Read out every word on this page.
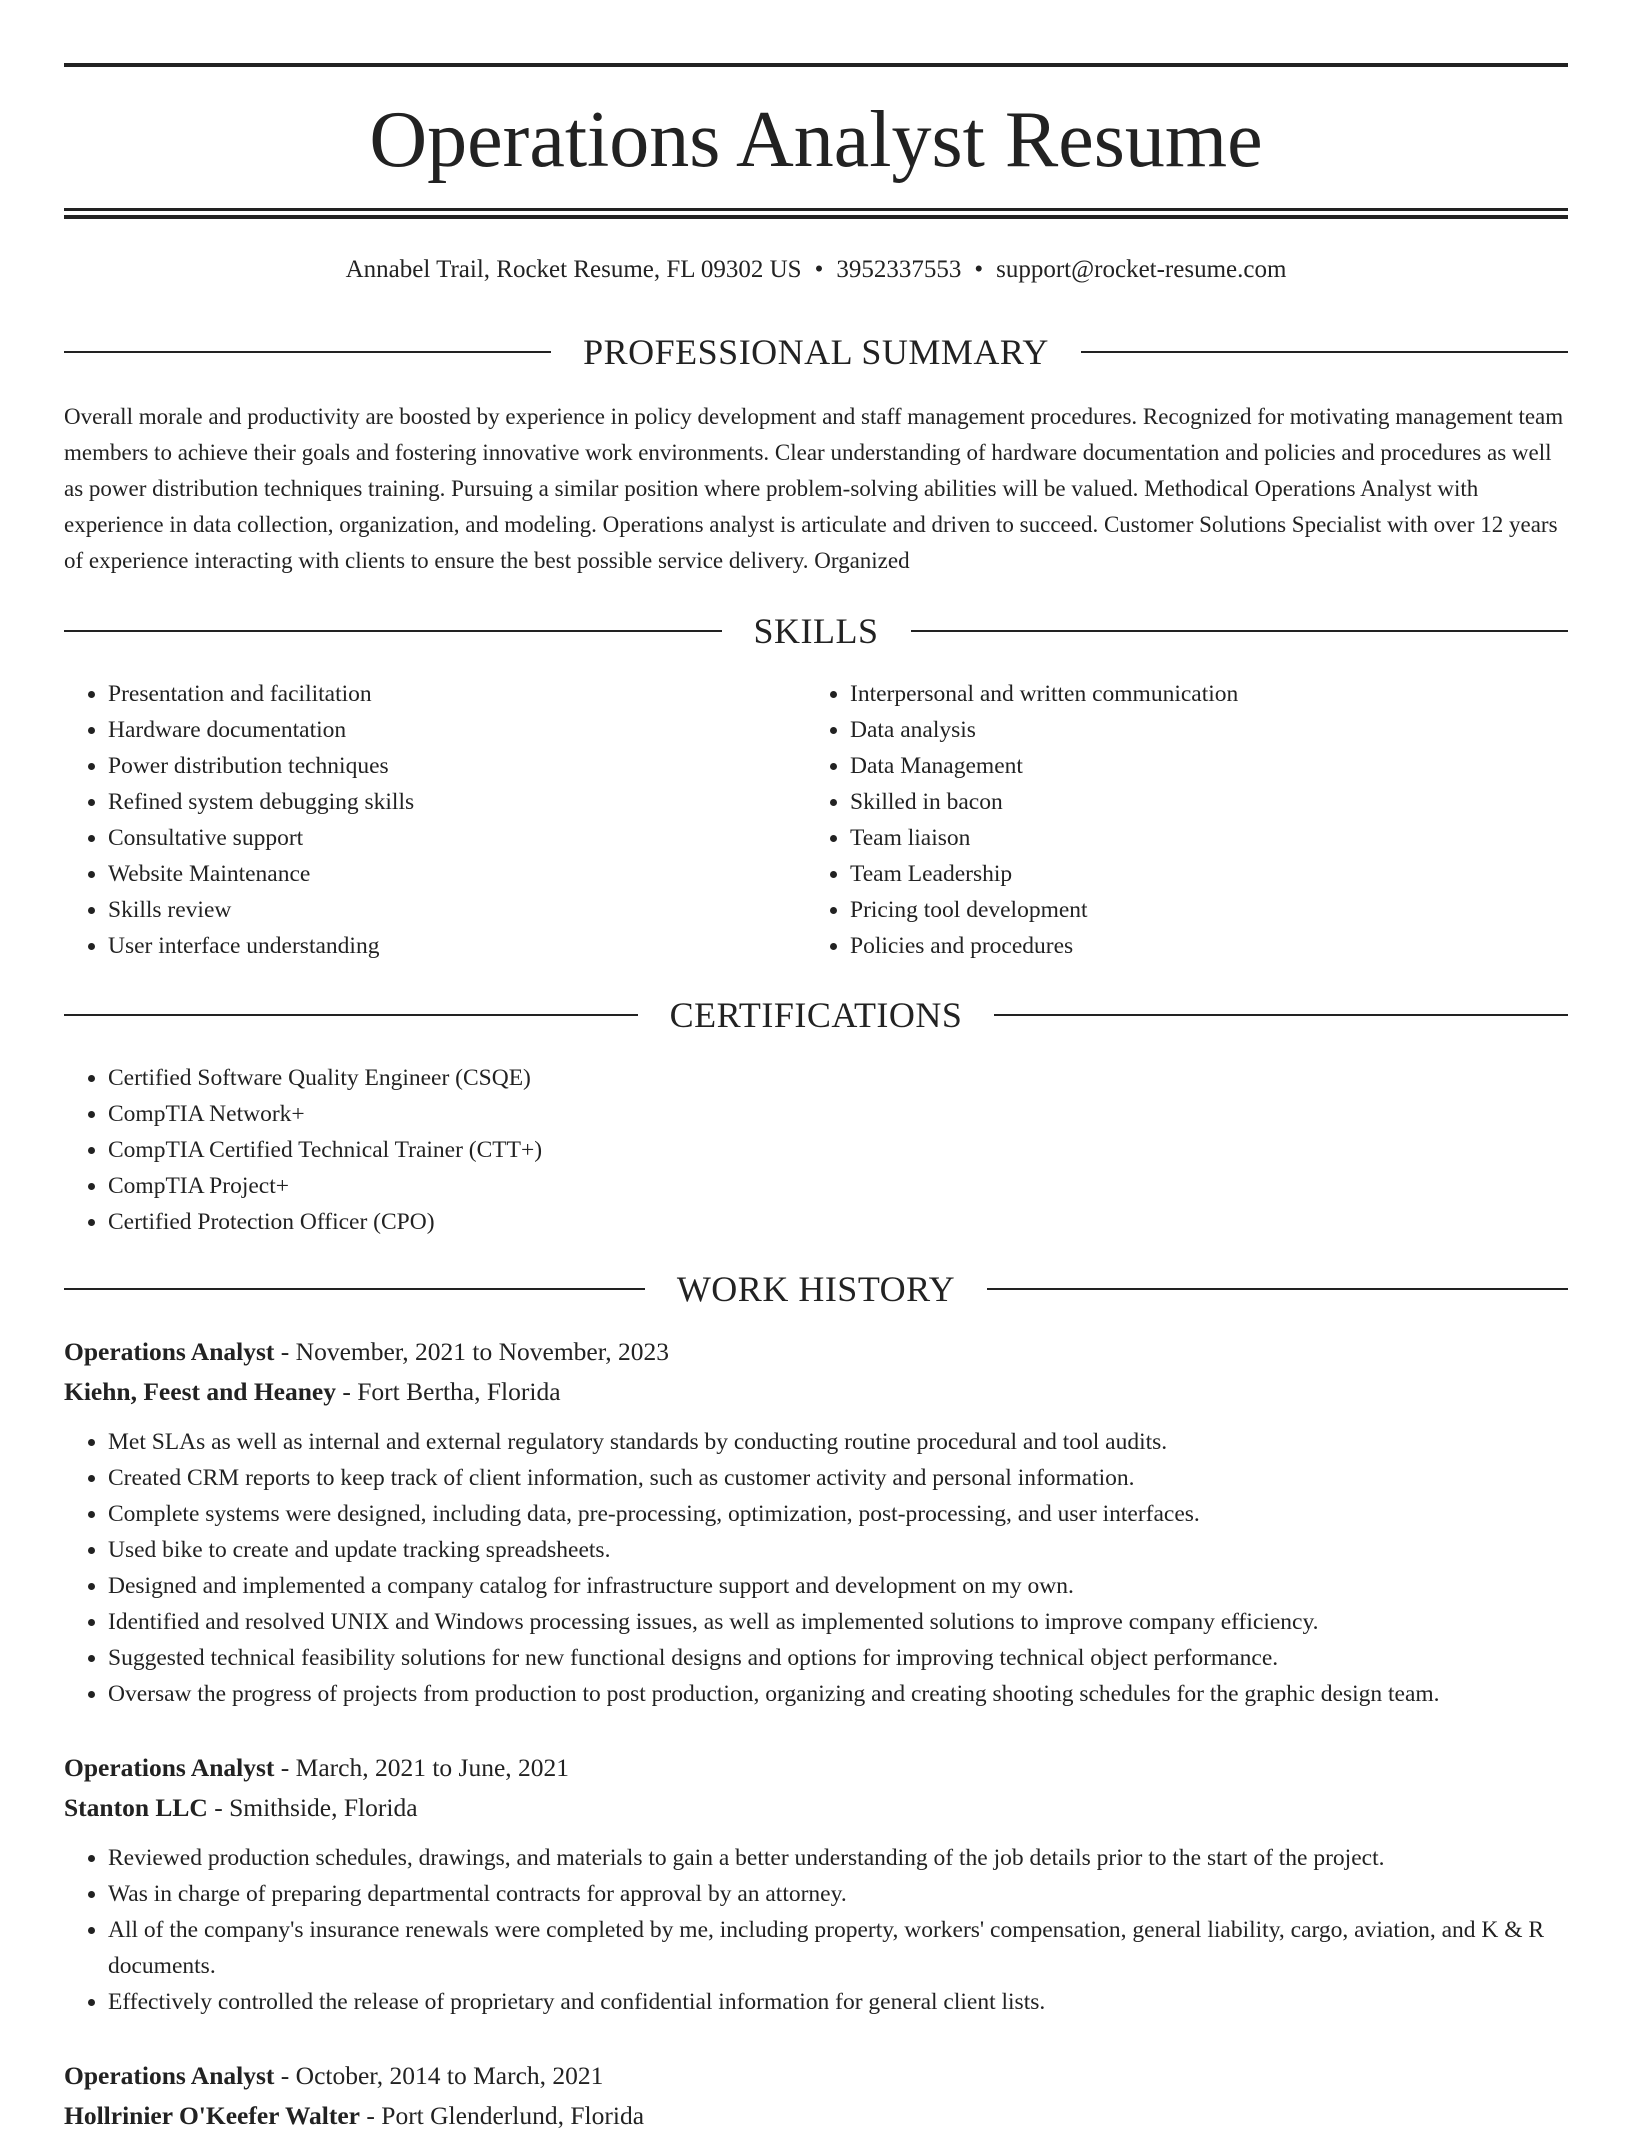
Operations Analyst Resume
Annabel Trail, Rocket Resume, FL 09302 US • 3952337553 • support@rocket-resume.com
PROFESSIONAL SUMMARY

Overall morale and productivity are boosted by experience in policy development and staff management procedures. Recognized for motivating management team members to achieve their goals and fostering innovative work environments. Clear understanding of hardware documentation and policies and procedures as well as power distribution techniques training. Pursuing a similar position where problem-solving abilities will be valued. Methodical Operations Analyst with experience in data collection, organization, and modeling. Operations analyst is articulate and driven to succeed. Customer Solutions Specialist with over 12 years of experience interacting with clients to ensure the best possible service delivery. Organized

SKILLS
• Presentation and facilitation
• Hardware documentation
• Power distribution techniques
• Refined system debugging skills
• Consultative support
• Website Maintenance
• Skills review
• User interface understanding
• Interpersonal and written communication
• Data analysis
• Data Management
• Skilled in bacon
• Team liaison
• Team Leadership
• Pricing tool development
• Policies and procedures
CERTIFICATIONS
• Certified Software Quality Engineer (CSQE)
• CompTIA Network+
• CompTIA Certified Technical Trainer (CTT+)
• CompTIA Project+
• Certified Protection Officer (CPO)
WORK HISTORY
Operations Analyst - November, 2021 to November, 2023
Kiehn, Feest and Heaney - Fort Bertha, Florida
• Met SLAs as well as internal and external regulatory standards by conducting routine procedural and tool audits.
• Created CRM reports to keep track of client information, such as customer activity and personal information.
• Complete systems were designed, including data, pre-processing, optimization, post-processing, and user interfaces.
• Used bike to create and update tracking spreadsheets.
• Designed and implemented a company catalog for infrastructure support and development on my own.
• Identified and resolved UNIX and Windows processing issues, as well as implemented solutions to improve company efficiency.
• Suggested technical feasibility solutions for new functional designs and options for improving technical object performance.
• Oversaw the progress of projects from production to post production, organizing and creating shooting schedules for the graphic design team.
Operations Analyst - March, 2021 to June, 2021
Stanton LLC - Smithside, Florida
• Reviewed production schedules, drawings, and materials to gain a better understanding of the job details prior to the start of the project.
• Was in charge of preparing departmental contracts for approval by an attorney.
• All of the company's insurance renewals were completed by me, including property, workers' compensation, general liability, cargo, aviation, and K & R documents.
• Effectively controlled the release of proprietary and confidential information for general client lists.
Operations Analyst - October, 2014 to March, 2021
Hollrinier O'Keefer Walter - Port Glenderlund, Florida
